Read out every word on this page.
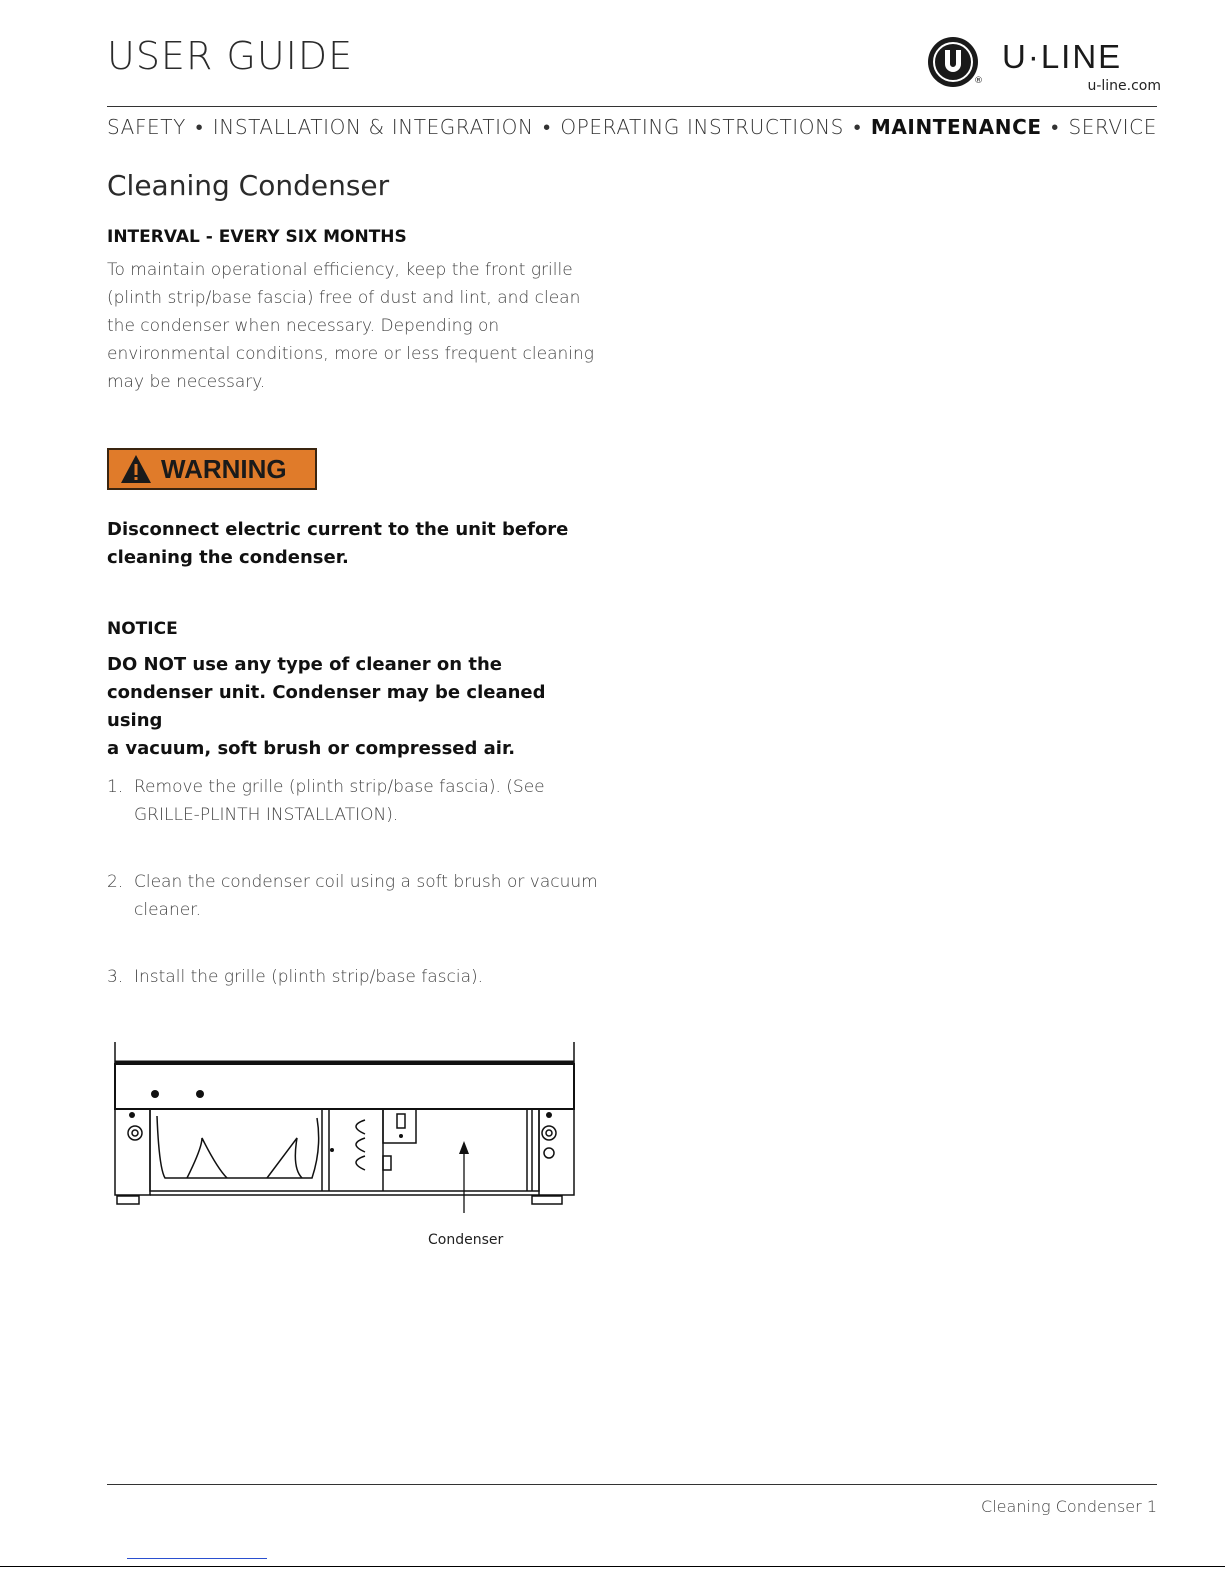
USER GUIDE
®
U·LINE
u-line.com
SAFETY • INSTALLATION & INTEGRATION • OPERATING INSTRUCTIONS • MAINTENANCE • SERVICE
Cleaning Condenser
INTERVAL - EVERY SIX MONTHS
To maintain operational efficiency, keep the front grille
(plinth strip/base fascia) free of dust and lint, and clean
the condenser when necessary. Depending on
environmental conditions, more or less frequent cleaning
may be necessary.
WARNING
Disconnect electric current to the unit before
cleaning the condenser.
NOTICE
DO NOT use any type of cleaner on the
condenser unit. Condenser may be cleaned using
a vacuum, soft brush or compressed air.
1. Remove the grille (plinth strip/base fascia). (See
GRILLE-PLINTH INSTALLATION).
2. Clean the condenser coil using a soft brush or vacuum
cleaner.
3. Install the grille (plinth strip/base fascia).
Condenser
Cleaning Condenser 1
